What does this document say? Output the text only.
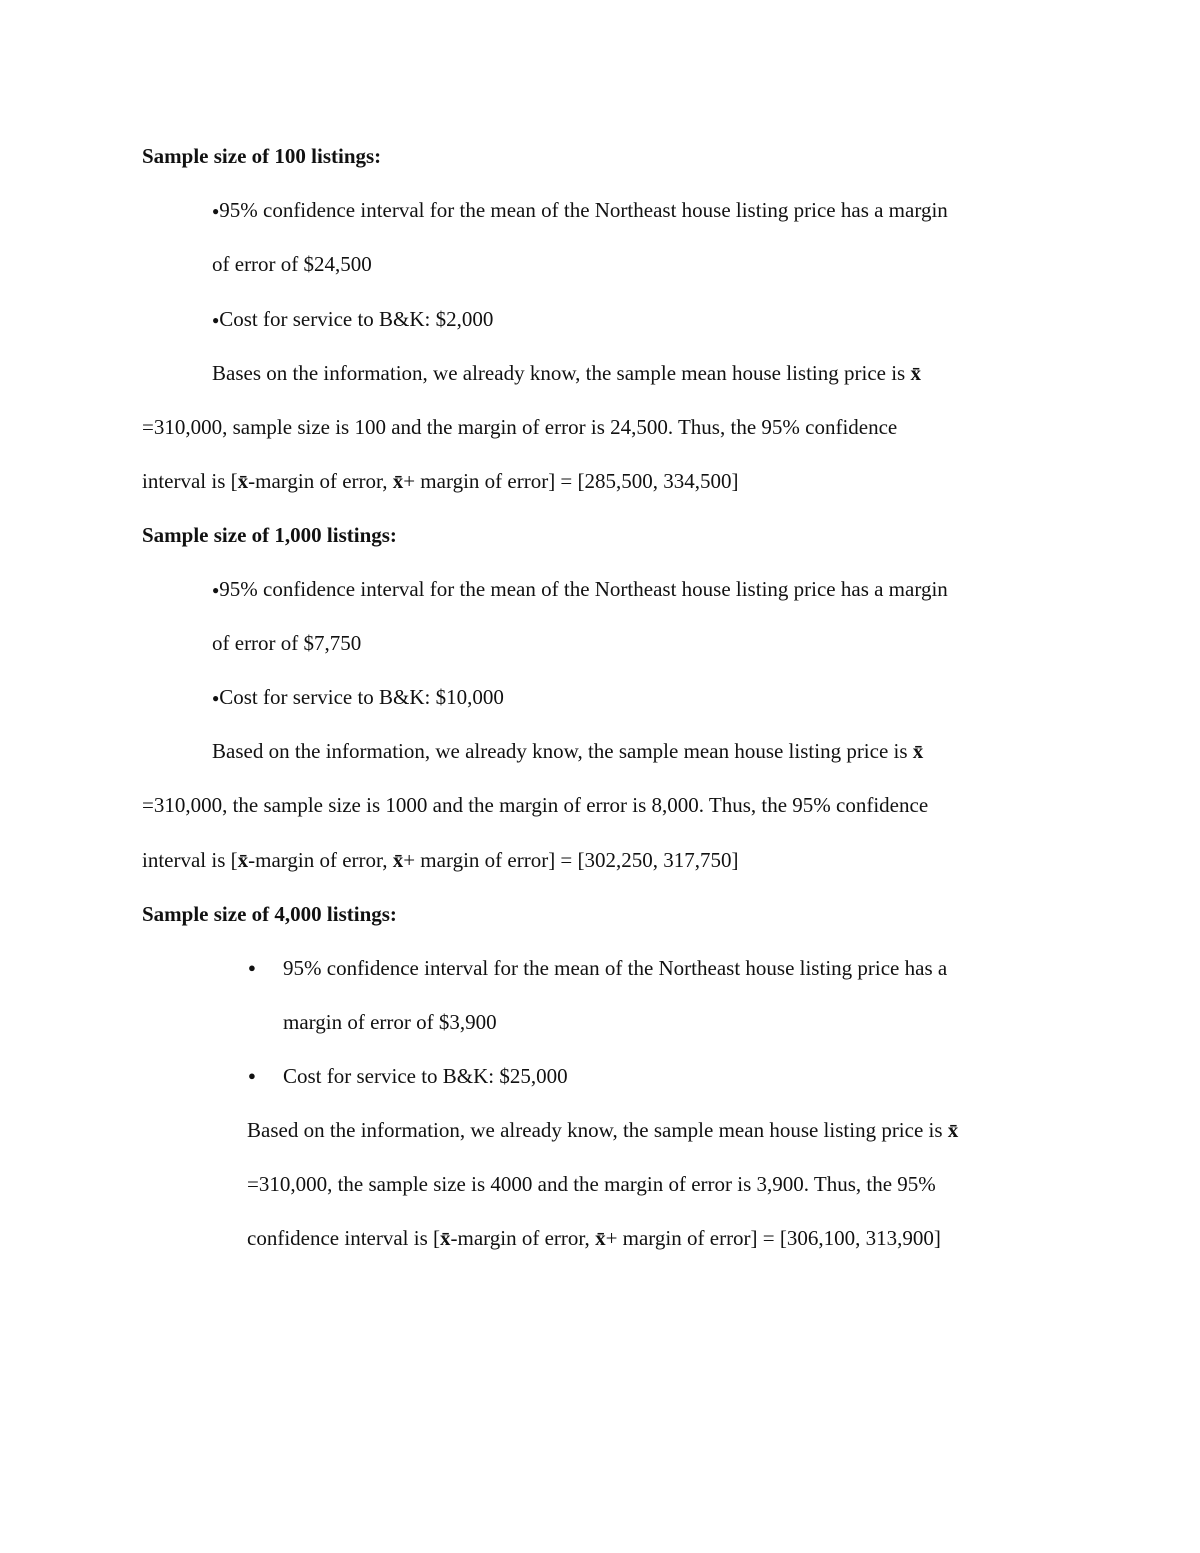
Sample size of 100 listings:
●95% confidence interval for the mean of the Northeast house listing price has a margin
of error of $24,500
●Cost for service to B&K: $2,000
Bases on the information, we already know, the sample mean house listing price is x̄
=310,000, sample size is 100 and the margin of error is 24,500. Thus, the 95% confidence
interval is [x̄-margin of error, x̄+ margin of error] = [285,500, 334,500]
Sample size of 1,000 listings:
●95% confidence interval for the mean of the Northeast house listing price has a margin
of error of $7,750
●Cost for service to B&K: $10,000
Based on the information, we already know, the sample mean house listing price is x̄
=310,000, the sample size is 1000 and the margin of error is 8,000. Thus, the 95% confidence
interval is [x̄-margin of error, x̄+ margin of error] = [302,250, 317,750]
Sample size of 4,000 listings:
● 95% confidence interval for the mean of the Northeast house listing price has a
margin of error of $3,900
● Cost for service to B&K: $25,000
Based on the information, we already know, the sample mean house listing price is x̄
=310,000, the sample size is 4000 and the margin of error is 3,900. Thus, the 95%
confidence interval is [x̄-margin of error, x̄+ margin of error] = [306,100, 313,900]
